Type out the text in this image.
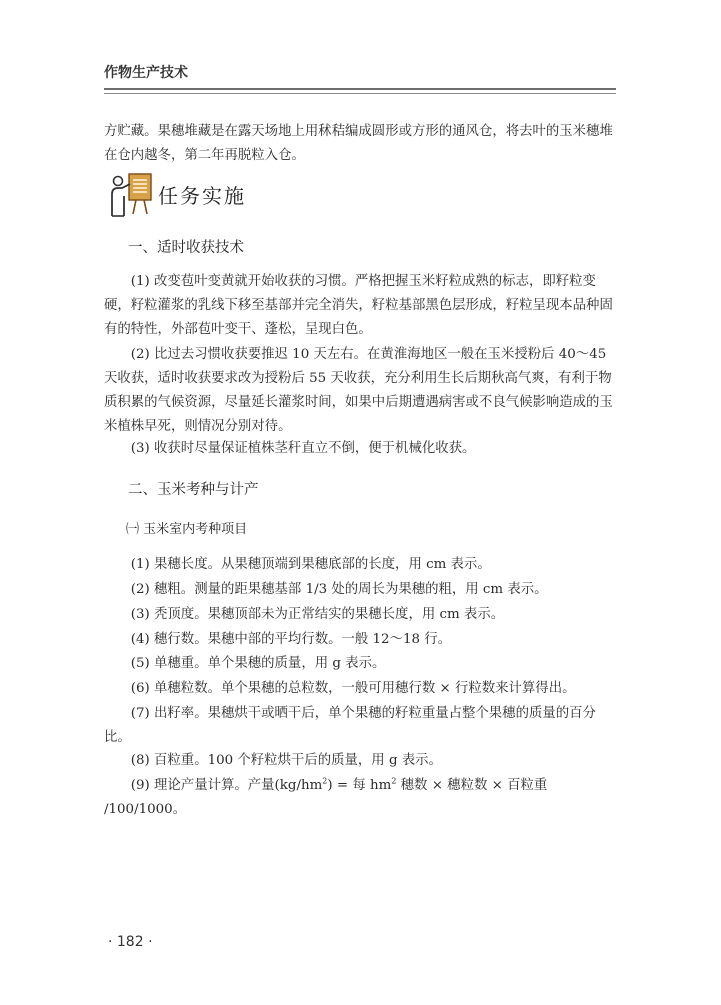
作物生产技术

方贮藏。果穗堆藏是在露天场地上用秫秸编成圆形或方形的通风仓，将去叶的玉米穗堆在仓内越冬，第二年再脱粒入仓。

任务实施
一、适时收获技术

(1) 改变苞叶变黄就开始收获的习惯。严格把握玉米籽粒成熟的标志，即籽粒变硬，籽粒灌浆的乳线下移至基部并完全消失，籽粒基部黑色层形成，籽粒呈现本品种固有的特性，外部苞叶变干、蓬松，呈现白色。

(2) 比过去习惯收获要推迟 10 天左右。在黄淮海地区一般在玉米授粉后 40～45 天收获，适时收获要求改为授粉后 55 天收获，充分利用生长后期秋高气爽，有利于物质积累的气候资源，尽量延长灌浆时间，如果中后期遭遇病害或不良气候影响造成的玉米植株早死，则情况分别对待。

(3) 收获时尽量保证植株茎秆直立不倒，便于机械化收获。

二、玉米考种与计产
㈠ 玉米室内考种项目

(1) 果穗长度。从果穗顶端到果穗底部的长度，用 cm 表示。

(2) 穗粗。测量的距果穗基部 1/3 处的周长为果穗的粗，用 cm 表示。

(3) 秃顶度。果穗顶部未为正常结实的果穗长度，用 cm 表示。

(4) 穗行数。果穗中部的平均行数。一般 12～18 行。

(5) 单穗重。单个果穗的质量，用 g 表示。

(6) 单穗粒数。单个果穗的总粒数，一般可用穗行数 × 行粒数来计算得出。

(7) 出籽率。果穗烘干或晒干后，单个果穗的籽粒重量占整个果穗的质量的百分比。

(8) 百粒重。100 个籽粒烘干后的质量，用 g 表示。

(9) 理论产量计算。产量$(kg/hm^2)$ = 每 $hm^2$ 穗数 × 穗粒数 × 百粒重

/100/1000。

· 182 ·
